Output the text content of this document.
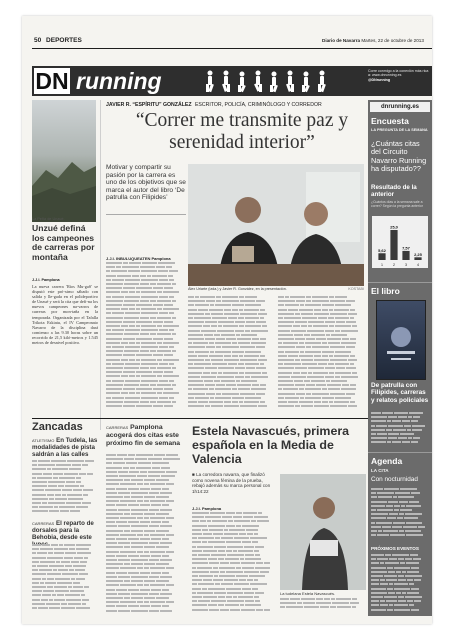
50 DEPORTES	Diario de Navarra Martes, 22 de octubre de 2013
DN running	Corre conmigo a la conexión más rica a: www.dnrunning.es
@DNrunning
La Peña de Unzué.
Unzué definá los campeones de carreras por montaña
J.J.I. Pamplona
La nueva carrera 'Ríos Mu-gaS' se disputó este pró-ximo sábado con salida y lle-gada en el polideportivo de Unzué y será la cita que defi-na los nuevos campeones na-varros de carreras por mon-taña en la temporada. Organizada por el Tafalla Trikota Eskiatu, el IV Campeonato Navarro de la disciplina dará comienzo a las 9.30 horas sobre un recorrido de 21,5 kiló-metros y 1.545 metros de desnivel positivo.
JAVIER R. “ESPÍRITU” GONZÁLEZ ESCRITOR, POLICÍA, CRIMINÓLOGO Y CORREDOR
“Correr me transmite paz y serenidad interior”
Motivar y compartir su pasión por la carrera es uno de los objetivos que se marca el autor del libro ‘De patrulla con Filipides’
Álex Uriarte (izda.) y Javier R. González, en la presentación.	KOSTABI
J.J.I. INBULUQUEATEN Pamplona

dnrunning.es
Encuesta
LA PREGUNTA DE LA SEMANA
¿Cuántas citas del Circuito Navarro Running ha disputado??
Resultado de la anterior
¿Cuántos días a la semana sale a correr? Según la pregunta anterior
5,62
1
25,0
2
7,57
3
2,25
4
El libro
De patrulla con Filipides, carreras y relatos policiales

Agenda
LA CITA
Con nocturnidad

PRÓXIMOS EVENTOS

Zancadas
ATLETISMO En Tudela, las modalidades de pista saldrán a las calles

CARRERAS El reparto de dorsales para la Behobia, desde este

CARRERAS Pamplona acogerá dos citas este próximo fin de semana

Estela Navascués, primera española en la Media de Valencia
■ La corredora navarra, que finalizó como novena fémina de la prueba, rebajó además su marca personal con 1h14:22
J.J.I. Pamplona

La tudelana Estela Navascués.
